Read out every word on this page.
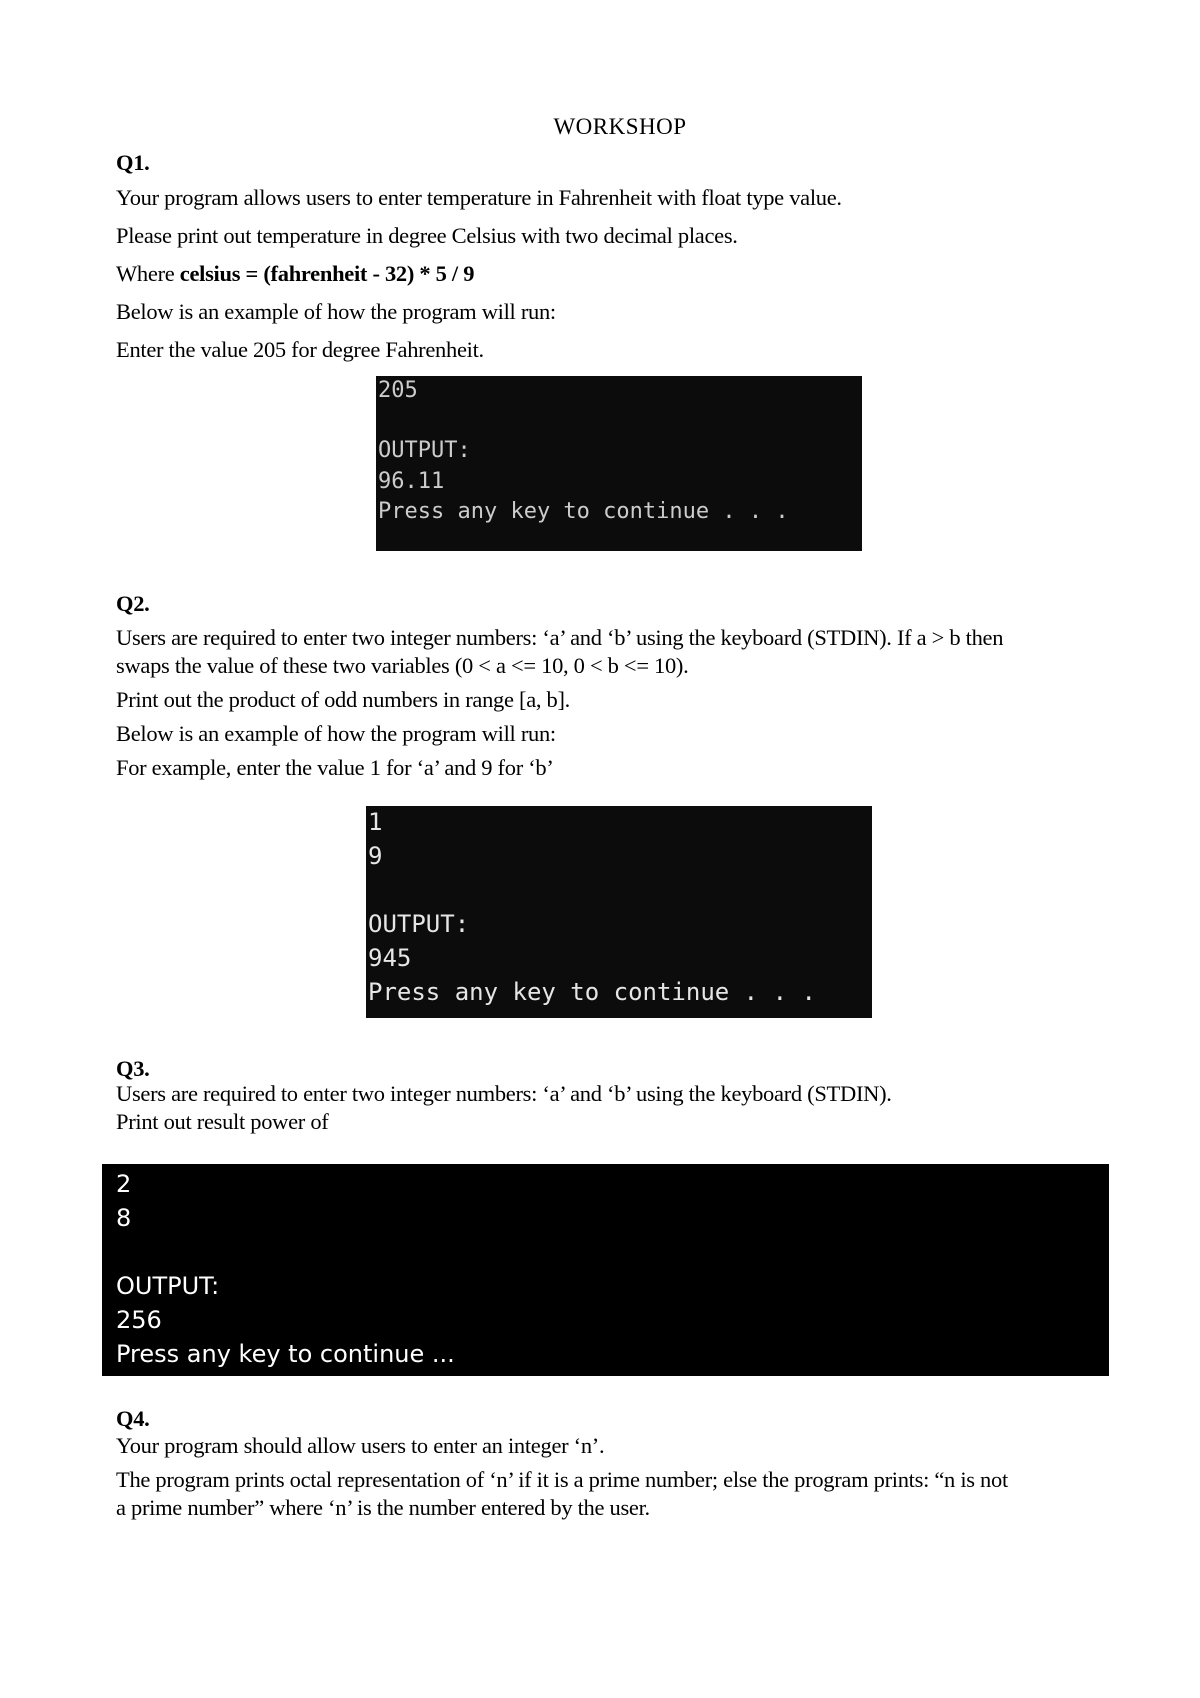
WORKSHOP
Q1.
Your program allows users to enter temperature in Fahrenheit with float type value.
Please print out temperature in degree Celsius with two decimal places.
Where celsius = (fahrenheit - 32) * 5 / 9
Below is an example of how the program will run:
Enter the value 205 for degree Fahrenheit.
205
OUTPUT:
96.11
Press any key to continue . . .
Q2.
Users are required to enter two integer numbers: ‘a’ and ‘b’ using the keyboard (STDIN). If a > b then
swaps the value of these two variables (0 < a <= 10, 0 < b <= 10).
Print out the product of odd numbers in range [a, b].
Below is an example of how the program will run:
For example, enter the value 1 for ‘a’ and 9 for ‘b’
1
9
OUTPUT:
945
Press any key to continue . . .
Q3.
Users are required to enter two integer numbers: ‘a’ and ‘b’ using the keyboard (STDIN).
Print out result power of
2
8
OUTPUT:
256
Press any key to continue ...
Q4.
Your program should allow users to enter an integer ‘n’.
The program prints octal representation of ‘n’ if it is a prime number; else the program prints: “n is not
a prime number” where ‘n’ is the number entered by the user.
